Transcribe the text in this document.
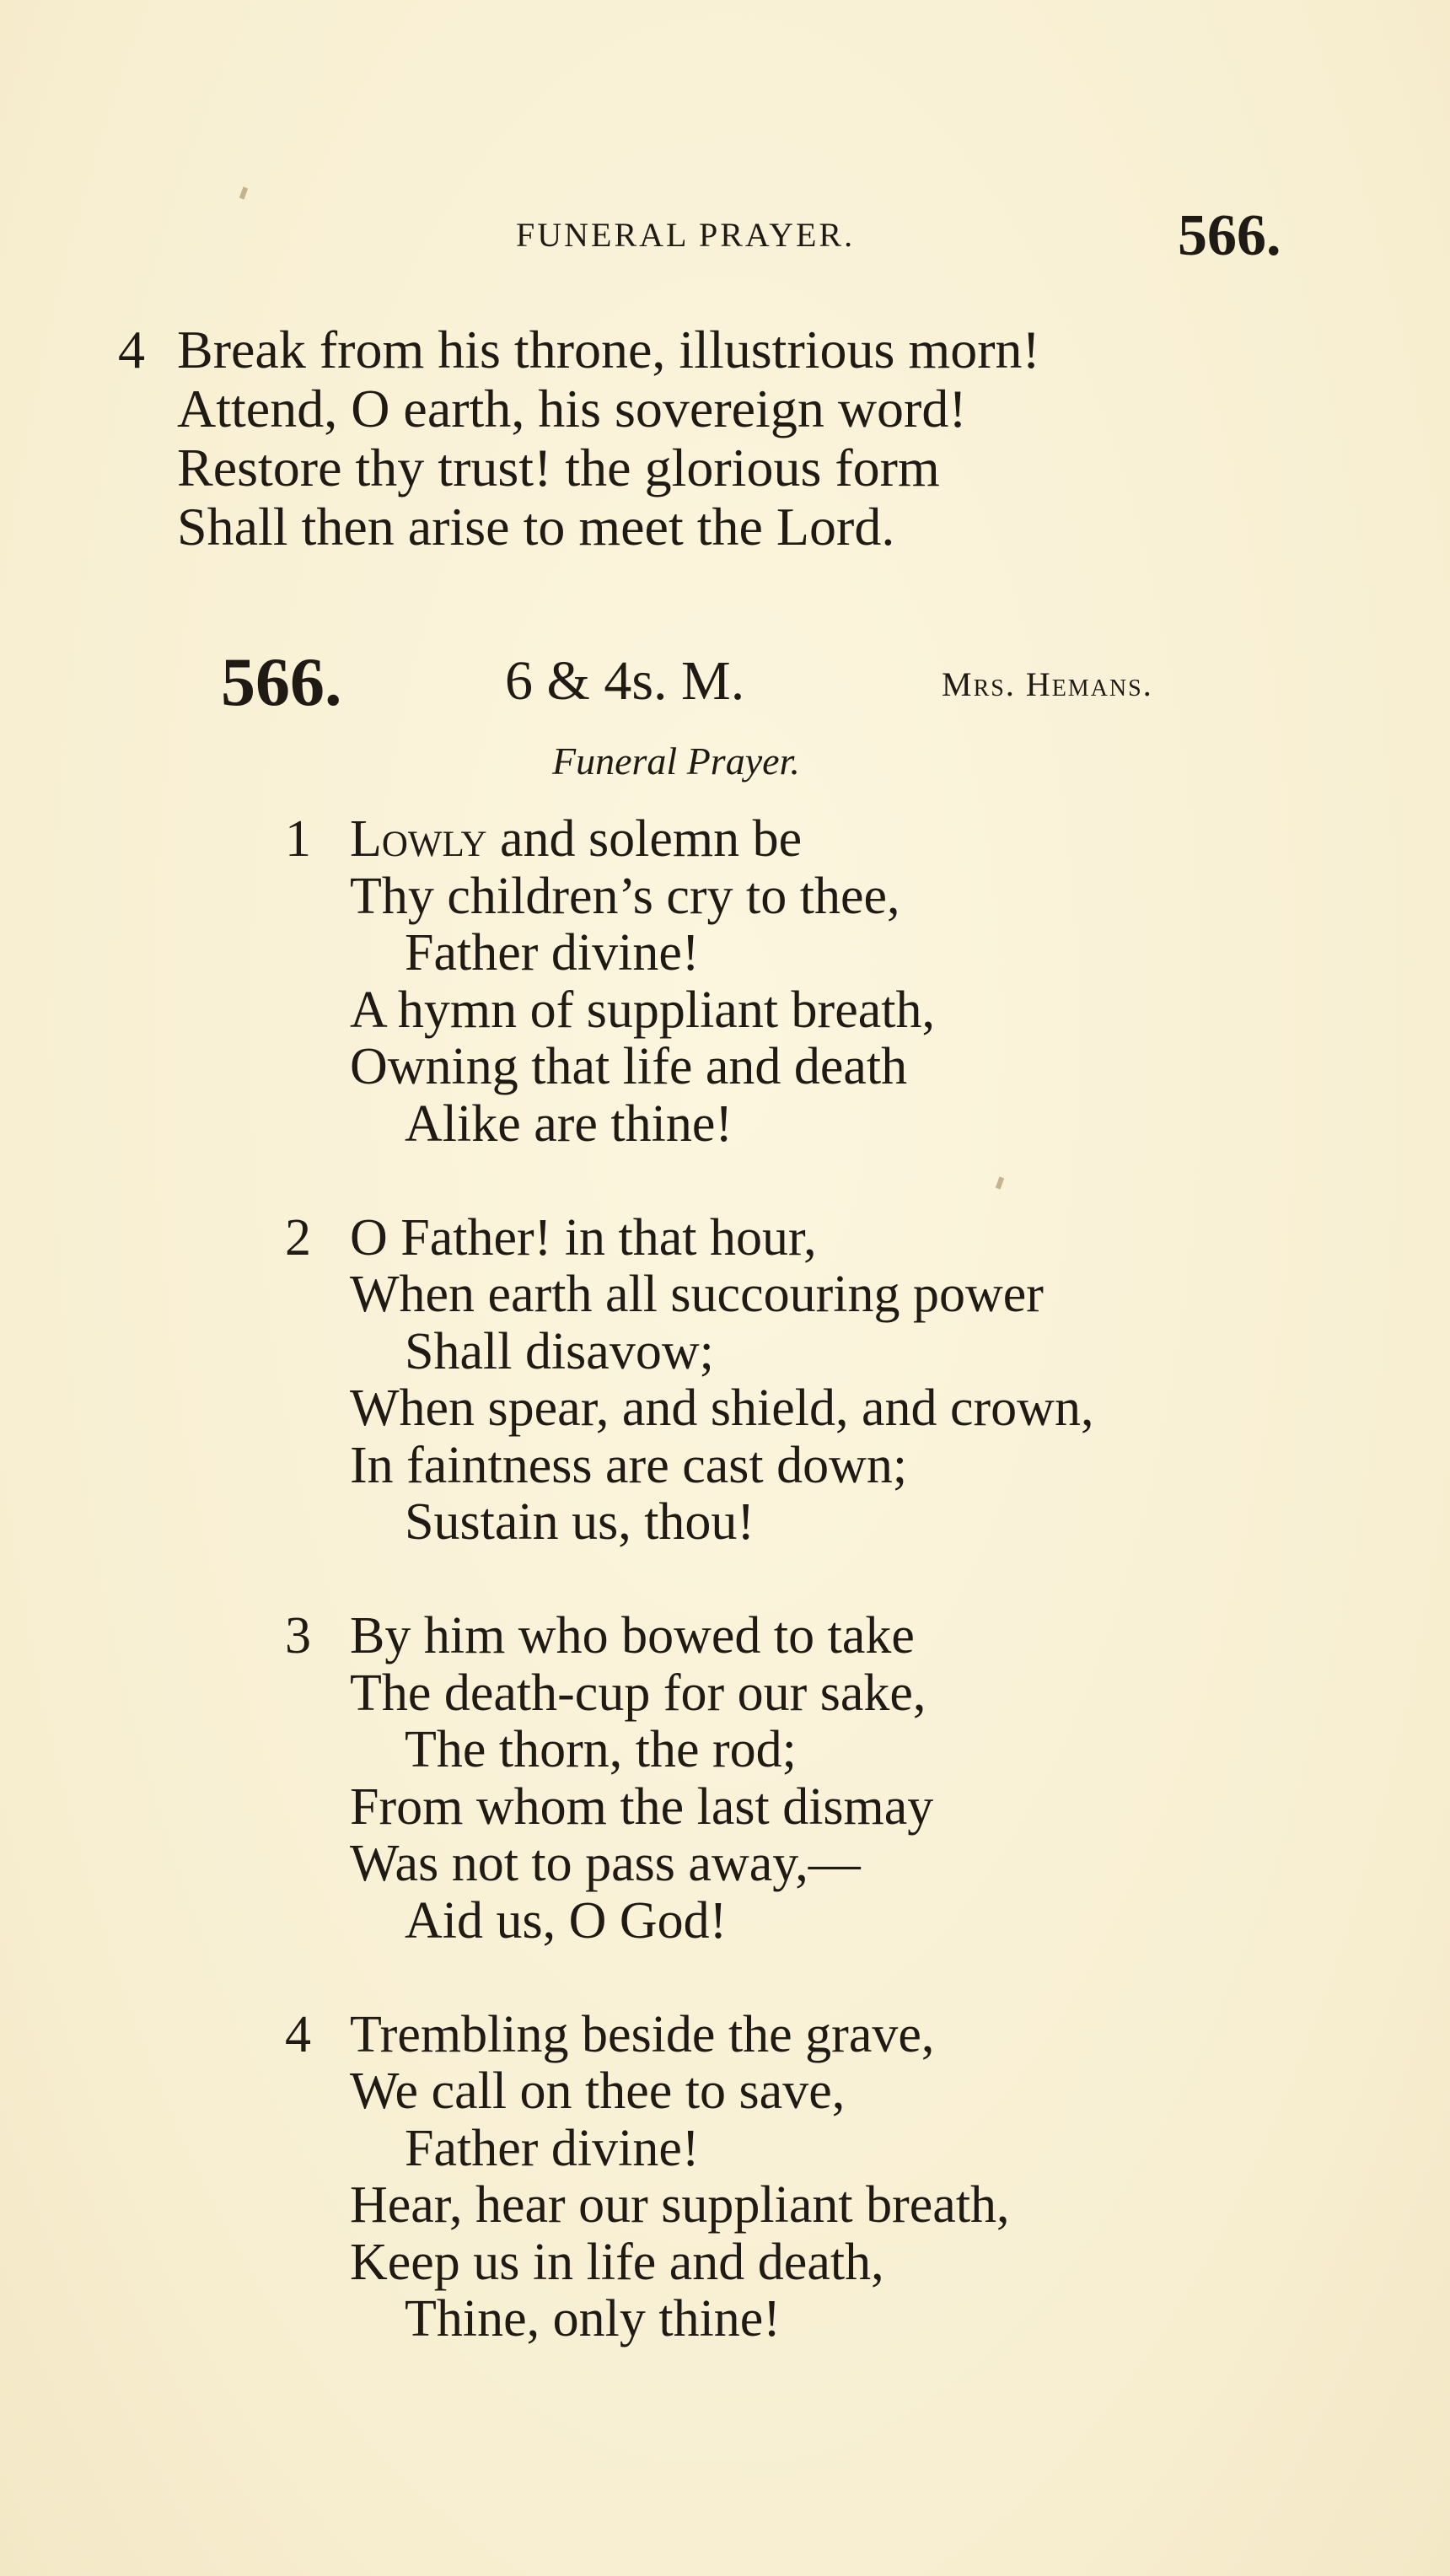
FUNERAL PRAYER.	566.
4 Break from his throne, illustrious morn!
Attend, O earth, his sovereign word!
Restore thy trust! the glorious form
Shall then arise to meet the Lord.
566.	6 & 4s. M.	Mrs. Hemans.
Funeral Prayer.
1 Lowly and solemn be
Thy children’s cry to thee,
Father divine!
A hymn of suppliant breath,
Owning that life and death
Alike are thine!
2 O Father! in that hour,
When earth all succouring power
Shall disavow;
When spear, and shield, and crown,
In faintness are cast down;
Sustain us, thou!
3 By him who bowed to take
The death-cup for our sake,
The thorn, the rod;
From whom the last dismay
Was not to pass away,—
Aid us, O God!
4 Trembling beside the grave,
We call on thee to save,
Father divine!
Hear, hear our suppliant breath,
Keep us in life and death,
Thine, only thine!
